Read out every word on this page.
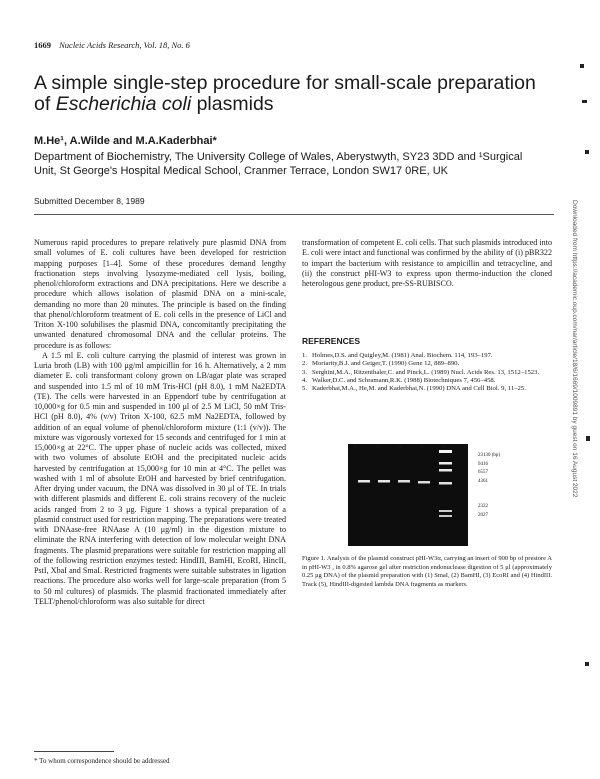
1669 Nucleic Acids Research, Vol. 18, No. 6
A simple single-step procedure for small-scale preparation
of Escherichia coli plasmids
M.He¹, A.Wilde and M.A.Kaderbhai*
Department of Biochemistry, The University College of Wales, Aberystwyth, SY23 3DD and ¹Surgical Unit, St George's Hospital Medical School, Cranmer Terrace, London SW17 0RE, UK
Submitted December 8, 1989

Numerous rapid procedures to prepare relatively pure plasmid DNA from small volumes of E. coli cultures have been developed for restriction mapping purposes [1–4]. Some of these procedures demand lengthy fractionation steps involving lysozyme-mediated cell lysis, boiling, phenol/chloroform extractions and DNA precipitations. Here we describe a procedure which allows isolation of plasmid DNA on a mini-scale, demanding no more than 20 minutes. The principle is based on the finding that phenol/chloroform treatment of E. coli cells in the presence of LiCl and Triton X-100 solubilises the plasmid DNA, concomitantly precipitating the unwanted denatured chromosomal DNA and the cellular proteins. The procedure is as follows:

A 1.5 ml E. coli culture carrying the plasmid of interest was grown in Luria broth (LB) with 100 μg/ml ampicillin for 16 h. Alternatively, a 2 mm diameter E. coli transformant colony grown on LB/agar plate was scraped and suspended into 1.5 ml of 10 mM Tris-HCl (pH 8.0), 1 mM Na2EDTA (TE). The cells were harvested in an Eppendorf tube by centrifugation at 10,000×g for 0.5 min and suspended in 100 μl of 2.5 M LiCl, 50 mM Tris-HCl (pH 8.0), 4% (v/v) Triton X-100, 62.5 mM Na2EDTA, followed by addition of an equal volume of phenol/chloroform mixture (1:1 (v/v)). The mixture was vigorously vortexed for 15 seconds and centrifuged for 1 min at 15,000×g at 22°C. The upper phase of nucleic acids was collected, mixed with two volumes of absolute EtOH and the precipitated nucleic acids harvested by centrifugation at 15,000×g for 10 min at 4°C. The pellet was washed with 1 ml of absolute EtOH and harvested by brief centrifugation. After drying under vacuum, the DNA was dissolved in 30 μl of TE. In trials with different plasmids and different E. coli strains recovery of the nucleic acids ranged from 2 to 3 μg. Figure 1 shows a typical preparation of a plasmid construct used for restriction mapping. The preparations were treated with DNAase-free RNAase A (10 μg/ml) in the digestion mixture to eliminate the RNA interfering with detection of low molecular weight DNA fragments. The plasmid preparations were suitable for restriction mapping all of the following restriction enzymes tested: HindIII, BamHI, EcoRI, HincII, PstI, XbaI and SmaI. Restricted fragments were suitable substrates in ligation reactions. The procedure also works well for large-scale preparation (from 5 to 50 ml cultures) of plasmids. The plasmid fractionated immediately after TELT/phenol/chloroform was also suitable for direct

transformation of competent E. coli cells. That such plasmids introduced into E. coli were intact and functional was confirmed by the ability of (i) pBR322 to impart the bacterium with resistance to ampicillin and tetracycline, and (ii) the construct pHI-W3 to express upon thermo-induction the cloned heterologous gene product, pre-SS-RUBISCO.

REFERENCES
1. Holmes,D.S. and Quigley,M. (1981) Anal. Biochem. 114, 193–197.
2. Moriarity,B.J. and Geiger,T. (1990) Gene 12, 889–890.
3. Serghini,M.A., Ritzenthaler,C. and Pinck,L. (1989) Nucl. Acids Res. 13, 1512–1523.
4. Walker,D.C. and Schramann,R.K. (1988) Biotechniques 7, 456–458.
5. Kaderbhai,M.A., He,M. and Kaderbhai,N. (1990) DNA and Cell Biol. 9, 11–25.
1	2	3	4	5	6
23130 (bp)
9416
6557
4361
2322
2027
Figure 1. Analysis of the plasmid construct pHI-W3α, carrying an insert of 900 bp of prestore A in pHI-W3 , in 0.8% agarose gel after restriction endonuclease digestion of 5 μl (approximately 0.25 μg DNA) of the plasmid preparation with (1) SmaI, (2) BamHI, (3) EcoRI and (4) HindIII. Track (5), HindIII-digested lambda DNA fragments as markers.
* To whom correspondence should be addressed
Downloaded from https://academic.oup.com/nar/article/18/6/1669/1009891 by guest on 16 August 2022
